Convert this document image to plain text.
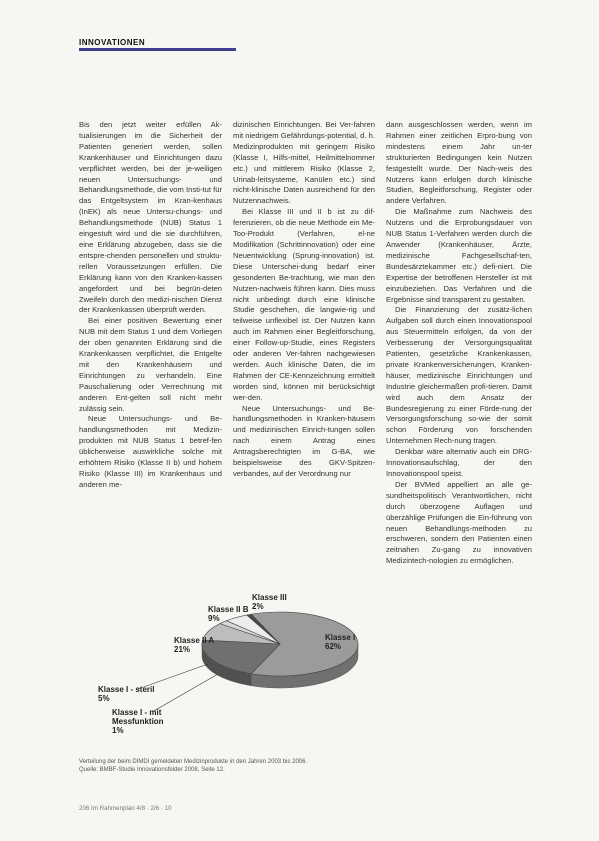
INNOVATIONEN

Bis den jetzt weiter erfüllen Ak-tualisierungen im die Sicherheit der Patienten generiert werden, sollen Krankenhäuser und Einrichtungen dazu verpflichtet werden, bei der je-weiligen neuen Untersuchungs- und Behandlungsmethode, die vom Insti-tut für das Entgeltsystem im Kran-kenhaus (InEK) als neue Untersu-chungs- und Behandlungsmethode (NUB) Status 1 eingestuft wird und die sie durchführen, eine Erklärung abzugeben, dass sie die entspre-chenden personellen und struktu-rellen Voraussetzungen erfüllen. Die Erklärung kann von den Kranken-kassen angefordert und bei begrün-deten Zweifeln durch den medizi-nischen Dienst der Krankenkassen überprüft werden.

Bei einer positiven Bewertung einer NUB mit dem Status 1 und dem Vorliegen der oben genannten Erklärung sind die Krankenkassen verpflichtet, die Entgelte mit den Krankenhäusern und Einrichtungen zu verhandeln. Eine Pauschalierung oder Verrechnung mit anderen Ent-gelten soll nicht mehr zulässig sein.

Neue Untersuchungs- und Be-handlungsmethoden mit Medizin-produkten mit NUB Status 1 betref-fen üblicherweise auswirkliche solche mit erhöhtem Risiko (Klasse II b) und hohem Risiko (Klasse III) im Krankenhaus und anderen me-

dizinischen Einrichtungen. Bei Ver-fahren mit niedrigem Gefährdungs-potential, d. h. Medizinprodukten mit geringem Risiko (Klasse I, Hilfs-mittel, Heilmittelnommer etc.) und mittlerem Risiko (Klasse 2, Urinab-leitsysteme, Kanülen etc.) sind nicht-klinische Daten ausreichend für den Nutzennachweis.

Bei Klasse III und II b ist zu dif-ferenzieren, ob die neue Methode ein Me-Too-Produkt (Verfahren, el-ne Modifikation (Schrittinnovation) oder eine Neuentwicklung (Sprung-innovation) ist. Diese Unterschei-dung bedarf einer gesonderten Be-trachtung, wie man den Nutzen-nachweis führen kann. Dies muss nicht unbedingt durch eine klinische Studie geschehen, die langwie-rig und teilweise unflexibel ist. Der Nutzen kann auch im Rahmen einer Begleitforschung, einer Follow-up-Studie, eines Registers oder anderen Ver-fahren nachgewiesen werden. Auch klinische Daten, die im Rahmen der CE-Kennzeichnung ermittelt worden sind, können mit berücksichtigt wer-den.

Neue Untersuchungs- und Be-handlungsmethoden in Kranken-häusern und medizinischen Einrich-tungen sollen nach einem Antrag eines Antragsberechtigten im G-BA, wie beispielsweise des GKV-Spitzen-verbandes, auf der Verordnung nur

dann ausgeschlossen werden, wenn im Rahmen einer zeitlichen Erpro-bung von mindestens einem Jahr un-ter strukturierten Bedingungen kein Nutzen festgestellt wurde. Der Nach-weis des Nutzens kann erfolgen durch klinische Studien, Begleitforschung, Register oder andere Verfahren.

Die Maßnahme zum Nachweis des Nutzens und die Erprobungsdauer von NUB Status 1-Verfahren werden durch die Anwender (Krankenhäuser, Ärzte, medizinische Fachgesellschaf-ten, Bundesärztekammer etc.) defi-niert. Die Expertise der betroffenen Hersteller ist mit einzubeziehen. Das Verfahren und die Ergebnisse sind transparent zu gestalten.

Die Finanzierung der zusätz-lichen Aufgaben soll durch einen Innovationspool aus Steuermitteln erfolgen, da von der Verbesserung der Versorgungsqualität Patienten, gesetzliche Krankenkassen, private Krankenversicherungen, Kranken-häuser, medizinische Einrichtungen und Industrie gleichermaßen profi-tieren. Damit wird auch dem Ansatz der Bundesregierung zu einer Förde-rung der Versorgungsforschung so-wie der somit schon Förderung von forschenden Unternehmen Rech-nung tragen.

Denkbar wäre alternativ auch ein DRG-Innovationsaufschlag, der den Innovationspool speist.

Der BVMed appelliert an alle ge-sundheitspolitisch Verantwortlichen, nicht durch überzogene Auflagen und überzählige Prüfungen die Ein-führung von neuen Behandlungs-methoden zu erschweren, sondern den Patienten einen zeitnahen Zu-gang zu innovativen Medizintech-nologien zu ermöglichen.

Klasse I 62%
Klasse II A 21%
Klasse II B 9%
Klasse III 2%
Klasse I - steril 5%
Klasse I - mit Messfunktion 1%
Verteilung der beim DIMDI gemeldeten Medizinprodukte in den Jahren 2003 bis 2006.
Quelle: BMBF-Studie Innovationsfelder 2008, Seite 12.
206 Im Rahmenplan 4/8 · 2/6 · 10
